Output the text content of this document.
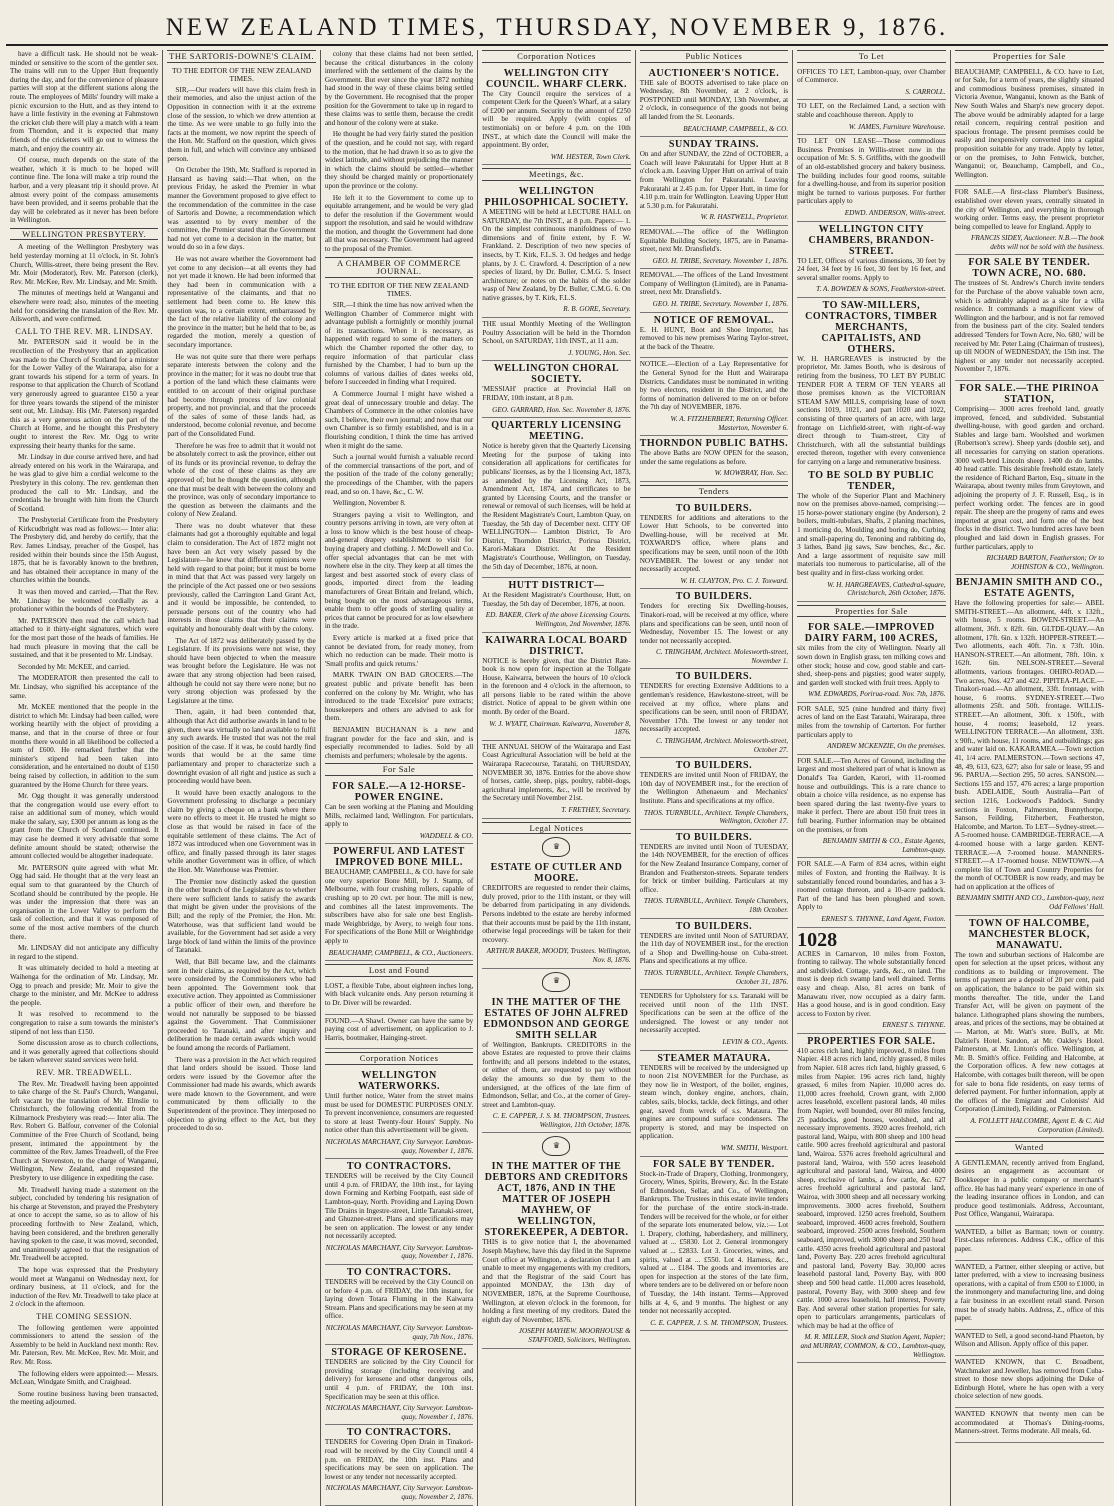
NEW ZEALAND TIMES, THURSDAY, NOVEMBER 9, 1876.

have a difficult task. He should not be weak-minded or sensitive to the scorn of the gentler sex. The trains will run to the Upper Hutt frequently during the day, and for the convenience of pleasure parties will stop at the different stations along the route. The employees of Mills' foundry will make a picnic excursion to the Hutt, and as they intend to have a little festivity in the evening at Fahmstown the cricket club there will play a match with a team from Thorndon, and it is expected that many friends of the cricketers will go out to witness the match, and enjoy the country air.

Of course, much depends on the state of the weather, which it is much to be hoped will continue fine. The Iona will make a trip round the harbor, and a very pleasant trip it should prove. At almost every point of the compass amusements have been provided, and it seems probable that the day will be celebrated as it never has been before in Wellington.

WELLINGTON PRESBYTERY.

A meeting of the Wellington Presbytery was held yesterday morning at 11 o'clock, in St. John's Church, Willis-street, there being present the Rev. Mr. Moir (Moderator), Rev. Mr. Paterson (clerk), Rev. Mr. McKee, Rev. Mr. Lindsay, and Mr. Smith.

The minutes of meetings held at Wanganui and elsewhere were read; also, minutes of the meeting held for considering the translation of the Rev. Mr. Ailsworth, and were confirmed.

CALL TO THE REV. MR. LINDSAY.

Mr. PATERSON said it would be in the recollection of the Presbytery that an application was made to the Church of Scotland for a minister for the Lower Valley of the Wairarapa, also for a grant towards his stipend for a term of years. In response to that application the Church of Scotland very generously agreed to guarantee £150 a year for three years towards the stipend of the minister sent out, Mr. Lindsay. His (Mr. Paterson) regarded this as a very generous action on the part of the Church at Home, and he thought this Presbytery ought to interest the Rev. Mr. Ogg to write expressing their hearty thanks for the same.

Mr. Lindsay in due course arrived here, and had already entered on his work in the Wairarapa, and he was glad to give him a cordial welcome to the Presbytery in this colony. The rev. gentleman then produced the call to Mr. Lindsay, and the credentials he brought with him from the Church of Scotland.

The Presbyterial Certificate from the Presbytery of Kirkcudbright was read as follows:— Inter alia: The Presbytery did, and hereby do certify, that the Rev. James Lindsay, preacher of the Gospel, has resided within their bounds since the 15th August, 1875, that he is favorably known to the brethren, and has obtained their acceptance in many of the churches within the bounds.

It was then moved and carried,—That the Rev. Mr. Lindsay be welcomed cordially as a probationer within the bounds of the Presbytery.

Mr. PATERSON then read the call which had attached to it thirty-eight signatures, which were for the most part those of the heads of families. He had much pleasure in moving that the call be sustained, and that it be presented to Mr. Lindsay.

Seconded by Mr. McKEE, and carried.

The MODERATOR then presented the call to Mr. Lindsay, who signified his acceptance of the same.

Mr. McKEE mentioned that the people in the district to which Mr. Lindsay had been called, were working heartily with the object of providing a manse, and that in the course of three or four months there would in all likelihood be collected a sum of £600. He remarked further that the minister's stipend had been taken into consideration, and he entertained no doubt of £150 being raised by collection, in addition to the sum guaranteed by the Home Church for three years.

Mr. Ogg thought it was generally understood that the congregation would use every effort to raise an additional sum of money, which would make the salary, say, £300 per annum as long as the grant from the Church of Scotland continued. It may case he deemed it very advisable that some definite amount should be stated; otherwise the amount collected would be altogether inadequate.

Mr. PATERSON quite agreed with what Mr. Ogg had said. He thought that at the very least an equal sum to that guaranteed by the Church of Scotland should be contributed by the people. He was under the impression that there was an organisation in the Lower Valley to perform the task of collection, and that it was composed of some of the most active members of the church there.

Mr. LINDSAY did not anticipate any difficulty in regard to the stipend.

It was ultimately decided to hold a meeting at Waihenga for the ordination of Mr. Lindsay, Mr. Ogg to preach and preside; Mr. Moir to give the charge to the minister, and Mr. McKee to address the people.

It was resolved to recommend to the congregation to raise a sum towards the minister's stipend of not less than £150.

Some discussion arose as to church collections, and it was generally agreed that collections should be taken wherever stated services were held.

REV. MR. TREADWELL.

The Rev. Mr. Treadwell having been appointed to take charge of the St. Paul's Church, Wanganui, left vacant by the translation of Mr. Elmslie to Christchurch, the following credential from the Kilmarnock Presbytery was read:— Inter alia. The Rev. Robert G. Balfour, convener of the Colonial Committee of the Free Church of Scotland, being present, intimated the appointment by the committee of the Rev. James Treadwell, of the Free Church at Stevenston, to the charge of Wanganui, Wellington, New Zealand, and requested the Presbytery to use diligence in expediting the case.

Mr. Treadwell having made a statement on the subject, concluded by tendering his resignation of his charge at Stevenston, and prayed the Presbytery at once to accept the same, so as to allow of his proceeding forthwith to New Zealand, which, having been considered, and the brethren generally having spoken to the case, it was moved, seconded, and unanimously agreed to that the resignation of Mr. Treadwell be accepted.

The hope was expressed that the Presbytery would meet at Wanganui on Wednesday next, for ordinary business, at 11 o'clock, and for the induction of the Rev. Mr. Treadwell to take place at 2 o'clock in the afternoon.

THE COMING SESSION.

The following gentlemen were appointed commissioners to attend the session of the Assembly to be held in Auckland next month: Rev. Mr. Paterson, Rev. Mr. McKee, Rev. Mr. Moir, and Rev. Mr. Ross.

The following elders were appointed:— Messrs. McLean, Windgate Smith, and Craighead.

Some routine business having been transacted, the meeting adjourned.

THE SARTORIS-DOWNE'S CLAIM.
TO THE EDITOR OF THE NEW ZEALAND TIMES.

SIR,—Our readers will have this claim fresh in their memories, and also the unjust action of the Opposition in connection with it at the extreme close of the session, to which we drew attention at the time. As we were unable to go fully into the facts at the moment, we now reprint the speech of the Hon. Mr. Stafford on the question, which gives them in full, and which will convince any unbiased person.

On October the 19th, Mr. Stafford is reported in Hansard as having said:—That when, on the previous Friday, he asked the Premier in what manner the Government proposed to give effect to the recommendation of the committee in the case of Sartoris and Downe, a recommendation which was assented to by every member of the committee, the Premier stated that the Government had not yet come to a decision in the matter, but would do so in a few days.

He was not aware whether the Government had yet come to any decision—at all events they had not yet made it known. He had been informed that they had been in communication with a representative of the claimants, and that no settlement had been come to. He knew this question was, to a certain extent, embarrassed by the fact of the relative liability of the colony and the province in the matter; but he held that to be, as regarded the motion, merely a question of secondary importance.

He was not quite sure that there were perhaps separate interests between the colony and the province in the matter; for it was no doubt true that a portion of the land which these claimants were entitled to on account of their original purchase had become through process of law colonial property, and not provincial, and that the proceeds of the sales of some of these lands had, as understood, become colonial revenue, and become part of the Consolidated Fund.

Therefore he was free to admit that it would not be absolutely correct to ask the province, either out of its funds or its provincial revenue, to defray the whole of the cost of these claims as they are approved of; but he thought the question, although one that must be dealt with between the colony and the province, was only of secondary importance to the question as between the claimants and the colony of New Zealand.

There was no doubt whatever that these claimants had got a thoroughly equitable and legal claim to consideration. The Act of 1872 might not have been an Act very wisely passed by the Legislature—he knew that different opinions were held with regard to that point; but it must be borne in mind that that Act was passed very largely on the principle of the Act passed one or two sessions previously, called the Carrington Land Grant Act, and it would be impossible, he contended, to persuade persons out of the country who had interests in those claims that their claims were equitably and honourably dealt with by the colony.

The Act of 1872 was deliberately passed by the Legislature. If its provisions were not wise, they should have been objected to when the measure was brought before the Legislature. He was not aware that any strong objection had been raised, although he could not say there were none; but no very strong objection was professed by the Legislature at the time.

Then, again, it had been contended that, although that Act did authorise awards in land to be given, there was virtually no land available to fulfil any such awards. He trusted that was not the real position of the case. If it was, he could hardly find words that would be at the same time parliamentary and proper to characterize such a downright evasion of all right and justice as such a proceeding would have been.

It would have been exactly analogous to the Government professing to discharge a pecuniary claim by giving a cheque on a bank where there were no effects to meet it. He trusted he might so close as that would be raised in face of the equitable settlement of these claims. The Act of 1872 was introduced when one Government was in office, and finally passed through its later stages while another Government was in office, of which the Hon. Mr. Waterhouse was Premier.

The Premier now distinctly asked the question in the other branch of the Legislature as to whether there were sufficient lands to satisfy the awards that might be given under the provisions of the Bill; and the reply of the Premier, the Hon. Mr. Waterhouse, was that sufficient land would be available, for the Government had set aside a very large block of land within the limits of the province of Taranaki.

Well, that Bill became law, and the claimants sent in their claims, as required by the Act, which were considered by the Commissioners who had been appointed. The Government took that executive action. They appointed as Commissioner a public officer of their own, and therefore he would not naturally be supposed to be biassed against the Government. That Commissioner proceeded to Taranaki, and after inquiry and deliberation he made certain awards which would be found among the records of Parliament.

There was a provision in the Act which required that land orders should be issued. Those land orders were issued by the Governor after the Commissioner had made his awards, which awards were made known to the Government, and were communicated by them officially to the Superintendent of the province. They interposed no objection to giving effect to the Act, but they proceeded to do so.

colony that these claims had not been settled, because the critical disturbances in the colony interfered with the settlement of the claims by the Government. But ever since the year 1872 nothing had stood in the way of these claims being settled by the Government. He recognised that the proper position for the Government to take up in regard to these claims was to settle them, because the credit and honour of the colony were at stake.

He thought he had very fairly stated the position of the question, and he could not say, with regard to the motion, that he had drawn it so as to give the widest latitude, and without prejudicing the manner in which the claims should be settled—whether they should be charged mainly or proportionately upon the province or the colony.

He left it to the Government to come up to equitable arrangement, and he would be very glad to defer the resolution if the Government would support the resolution, and said he would withdraw the motion, and thought the Government had done all that was necessary. The Government had agreed to the proposal of the Premier.

A CHAMBER OF COMMERCE JOURNAL.
TO THE EDITOR OF THE NEW ZEALAND TIMES.

SIR,—I think the time has now arrived when the Wellington Chamber of Commerce might with advantage publish a fortnightly or monthly journal of its transactions. When it is necessary, as happened with regard to some of the matters on which the Chamber reported the other day, to require information of that particular class furnished by the Chamber, I had to burn up the columns of various dailies of dates weeks old, before I succeeded in finding what I required.

A Commerce Journal I might have wished a great deal of unnecessary trouble and delay. The Chambers of Commerce in the other colonies have such, I believe, their own journal; and now that our own Chamber is so firmly established, and is in a flourishing condition, I think the time has arrived when it might do the same.

Such a journal would furnish a valuable record of the commercial transactions of the port, and of the position of the trade of the colony generally; the proceedings of the Chamber, with the papers read, and so on. I have, &c., C. W.

Wellington, November 8.

Strangers paying a visit to Wellington, and country persons arriving in town, are very often at a loss to know which is the best house of cheap-and-general drapery establishment to visit for buying drapery and clothing. J. McDowell and Co. offer special advantages that can be met with nowhere else in the city. They keep at all times the largest and best assorted stock of every class of goods, imported direct from the leading manufacturers of Great Britain and Ireland, which, being bought on the most advantageous terms, enable them to offer goods of sterling quality at prices that cannot be procured for as low elsewhere in the trade.

Every article is marked at a fixed price that cannot be deviated from, for ready money, from which no reduction can be made. Their motto is 'Small profits and quick returns.'

MARK TWAIN ON BAD GROCERS.—The greatest public and private benefit has been conferred on the colony by Mr. Wright, who has introduced to the trade 'Excelsior' pure extracts; housekeepers and others are advised to ask for them.

BENJAMIN BUCHANAN is a new and fragrant powder for the face and skin, and is especially recommended to ladies. Sold by all chemists and perfumers; wholesale by the agents.

For Sale
FOR SALE.—A 12-HORSE-POWER ENGINE.

Can be seen working at the Planing and Moulding Mills, reclaimed land, Wellington. For particulars, apply to

WADDELL & CO.
POWERFUL AND LATEST IMPROVED BONE MILL.

BEAUCHAMP, CAMPBELL, & CO. have for sale one very superior Bone Mill, by J. Stamp, of Melbourne, with four crushing rollers, capable of crushing up to 20 cwt. per hour. The mill is new, and combines all the latest improvements. The subscribers have also for sale one best English-made Weighbridge, by Avery, to weigh four tons. For specifications of the Bone Mill or Weighbridge apply to

BEAUCHAMP, CAMPBELL, & CO., Auctioneers.
Lost and Found

LOST, a flexible Tube, about eighteen inches long, with black vulcanite ends. Any person returning it to Dr. Diver will be rewarded.

FOUND.—A Shawl. Owner can have the same by paying cost of advertisement, on application to J. Harris, bootmaker, Hainging-street.

Corporation Notices
WELLINGTON WATERWORKS.

Until further notice, Water from the street mains must be used for DOMESTIC PURPOSES ONLY. To prevent inconvenience, consumers are requested to store at least Twenty-four Hours' Supply. No notice other than this advertisement will be given.

NICHOLAS MARCHANT, City Surveyor. Lambton-quay, November 1, 1876.
TO CONTRACTORS.

TENDERS will be received by the City Council until 4 p.m. of FRIDAY, the 10th inst., for laying down Forming and Kerbing Footpath, east side of Lambton-quay, North. Providing and Laying Down Tile Drains in Ingestre-street, Little Taranaki-street, and Ghuznee-street. Plans and specifications may be seen on application. The lowest or any tender not necessarily accepted.

NICHOLAS MARCHANT, City Surveyor. Lambton-quay, November 1, 1876.
TO CONTRACTORS.

TENDERS will be received by the City Council on or before 4 p.m. of FRIDAY, the 10th instant, for laying down Totara Fluming in the Kaiwarra Stream. Plans and specifications may be seen at my office.

NICHOLAS MARCHANT, City Surveyor. Lambton-quay, 7th Nov., 1876.
STORAGE OF KEROSENE.

TENDERS are solicited by the City Council for providing storage (including receiving and delivery) for kerosene and other dangerous oils, until 4 p.m. of FRIDAY, the 10th inst. Specification may be seen at this office.

NICHOLAS MARCHANT, City Surveyor. Lambton-quay, November 1, 1876.
TO CONTRACTORS.

TENDERS for Covering Open Drain in Tinakori-road will be received by the City Council until 4 p.m. on FRIDAY, the 10th inst. Plans and specifications may be seen on application. The lowest or any tender not necessarily accepted.

NICHOLAS MARCHANT, City Surveyor. Lambton-quay, November 2, 1876.
Corporation Notices
WELLINGTON CITY COUNCIL. WHARF CLERK.

The City Council require the services of a competent Clerk for the Queen's Wharf, at a salary of £200 per annum. Security to the amount of £250 will be required. Apply (with copies of testimonials) on or before 4 p.m. on the 10th INST., at which date the Council will make the appointment. By order,

WM. HESTER, Town Clerk.
Meetings, &c.
WELLINGTON PHILOSOPHICAL SOCIETY.

A MEETING will be held at LECTURE HALL on SATURDAY, the 7th INST., at 8 p.m. Papers:— 1. On the simplest continuous manifoldness of two dimensions and of finite extent, by F. W. Frankland. 2. Description of two new species of insects, by T. Kirk, F.L.S. 3. Od hedges and hedge plants, by J. C. Crawford. 4. Description of a new species of lizard, by Dr. Buller, C.M.G. 5. Insect architecture; or notes on the habits of the solder wasp of New Zealand, by Dr. Buller, C.M.G. 6. On native grasses, by T. Kirk, F.L.S.

R. B. GORE, Secretary.

THE usual Monthly Meeting of the Wellington Poultry Association will be held in the Thorndon School, on SATURDAY, 11th INST., at 11 a.m.

J. YOUNG, Hon. Sec.
WELLINGTON CHORAL SOCIETY.

'MESSIAH' practice at Provincial Hall on FRIDAY, 10th instant, at 8 p.m.

GEO. GARRARD, Hon. Sec. November 8, 1876.
QUARTERLY LICENSING MEETING.

Notice is hereby given that the Quarterly Licensing Meeting for the purpose of taking into consideration all applications for certificates for publicans' licenses, as by the 1 licensing Act, 1873, as amended by the Licensing Act, 1873, Amendment Act, 1874, and certificates to be granted by Licensing Courts, and the transfer or renewal or removal of such licenses, will be held at the Resident Magistrate's Court, Lambton Quay, on Tuesday, the 5th day of December next. CITY OF WELLINGTON— Lambton District, Te Aro District, Thorndon District, Porirua District, Karori-Makara District. At the Resident Magistrate's Courthouse, Wellington, on Tuesday, the 5th day of December, 1876, at noon.

HUTT DISTRICT—

At the Resident Magistrate's Courthouse, Hutt, on Tuesday, the 5th day of December, 1876, at noon.

ED. BAKER, Clerk of the above Licensing Courts. Wellington, 2nd November, 1876.
KAIWARRA LOCAL BOARD DISTRICT.

NOTICE is hereby given, that the District Rate-book is now open for inspection at the Tollgate House, Kaiwarra, between the hours of 10 o'clock in the forenoon and 4 o'clock in the afternoon, to all persons liable to be rated within the above district. Notice of appeal to be given within one month. By order of the Board.

W. J. WYATT, Chairman. Kaiwarra, November 8, 1876.

THE ANNUAL SHOW of the Wairarapa and East Coast Agricultural Association will be held at the Wairarapa Racecourse, Taratahi, on THURSDAY, NOVEMBER 30, 1876. Entries for the above show of horses, cattle, sheep, pigs, poultry, rabbit-dogs, agricultural implements, &c., will be received by the Secretary until November 21st.

T. FRETHEY, Secretary.
Legal Notices
♛
ESTATE OF CUTLER AND MOORE.

CREDITORS are requested to render their claims, duly proved, prior to the 11th instant, or they will be debarred from participating in any dividends. Persons indebted to the estate are hereby informed that their accounts must be paid by the 11th instant, otherwise legal proceedings will be taken for their recovery.

ARTHUR BAKER, MOODY, Trustees. Wellington, Nov. 8, 1876.
♛
IN THE MATTER OF THE ESTATES OF JOHN ALFRED EDMONDSON AND GEORGE SMITH SELLAR

of Wellington, Bankrupts. CREDITORS in the above Estates are requested to prove their claims forthwith; and all persons indebted to the estates, or either of them, are requested to pay without delay the amounts so due by them to the undersigned, at the offices of the late firm of Edmondson, Sellar, and Co., at the corner of Grey-street and Lambton-quay.

C. E. CAPPER, J. S. M. THOMPSON, Trustees. Wellington, 11th October, 1876.
♛
IN THE MATTER OF THE DEBTORS AND CREDITORS ACT, 1876, AND IN THE MATTER OF JOSEPH MAYHEW, OF WELLINGTON, STOREKEEPER, A DEBTOR.

THIS is to give notice that I, the abovenamed Joseph Mayhew, have this day filed in the Supreme Court office at Wellington, a declaration that I am unable to meet my engagements with my creditors, and that the Registrar of the said Court has appointed MONDAY, the 13th day of NOVEMBER, 1876, at the Supreme Courthouse, Wellington, at eleven o'clock in the forenoon, for holding a first meeting of my creditors. Dated the eighth day of November, 1876.

JOSEPH MAYHEW. MOORHOUSE & STAFFORD, Solicitors, Wellington.
Public Notices
AUCTIONEER'S NOTICE.

THE sale of BOOTS advertised to take place on Wednesday, 8th November, at 2 o'clock, is POSTPONED until MONDAY, 13th November, at 2 o'clock, in consequence of the goods not being all landed from the St. Leonards.

BEAUCHAMP, CAMPBELL, & CO.
SUNDAY TRAINS.

On and after SUNDAY, the 22nd of OCTOBER, a Coach will leave Pakuratahi for Upper Hutt at 8 o'clock a.m. Leaving Upper Hutt on arrival of train from Wellington for Pakuratahi. Leaving Pakuratahi at 2.45 p.m. for Upper Hutt, in time for 4.10 p.m. train for Wellington. Leaving Upper Hutt at 5.30 p.m. for Pakuratahi.

W. R. HASTWELL, Proprietor.

REMOVAL.—The office of the Wellington Equitable Building Society, 1875, are in Panama-street, next Mr. Dransfield's.

GEO. H. TRIBE, Secretary. November 1, 1876.

REMOVAL.—The offices of the Land Investment Company of Wellington (Limited), are in Panama-street, next Mr. Dransfield's.

GEO. H. TRIBE, Secretary. November 1, 1876.
NOTICE OF REMOVAL.

E. H. HUNT, Boot and Shoe Importer, has removed to his new premises Waring Taylor-street, at the back of the Theatre.

NOTICE.—Election of a Lay Representative for the General Synod for the Hutt and Wairarapa Districts. Candidates must be nominated in writing by two electors, resident in the District, and the forms of nomination delivered to me on or before the 7th day of NOVEMBER, 1876.

W. A. FITZHERBERT, Returning Officer. Masterton, November 6.
THORNDON PUBLIC BATHS.

The above Baths are NOW OPEN for the season, under the same regulations as before.

W. MOWBRAY, Hon. Sec.
Tenders
TO BUILDERS.

TENDERS for additions and alterations to the Lower Hutt Schools, to be converted into Dwelling-house, will be received at Mr. TOXWARD'S office, where plans and specifications may be seen, until noon of the 10th NOVEMBER. The lowest or any tender not necessarily accepted.

W. H. CLAYTON, Pro. C. J. Toxward.
TO BUILDERS.

Tenders for erecting Six Dwelling-houses, Tinakori-road, will be received at my office, where plans and specifications can be seen, until noon of Wednesday, November 15. The lowest or any tender not necessarily accepted.

C. TRINGHAM, Architect. Molesworth-street, November 1.
TO BUILDERS.

TENDERS for erecting Extensive Additions to a gentleman's residence, Hawkestone-street, will be received at my office, where plans and specifications can be seen, until noon of FRIDAY, November 17th. The lowest or any tender not necessarily accepted.

C. TRINGHAM, Architect. Molesworth-street, October 27.
TO BUILDERS.

TENDERS are invited until Noon of FRIDAY, the 10th day of NOVEMBER inst., for the erection of the Wellington Athenaeum and Mechanics' Institute. Plans and specifications at my office.

THOS. TURNBULL, Architect. Temple Chambers, Wellington, October 17.
TO BUILDERS.

TENDERS are invited until Noon of TUESDAY, the 14th NOVEMBER, for the erection of offices for the New Zealand Insurance Company, corner of Brandon and Featherston-streets. Separate tenders for brick or timber building. Particulars at my office.

THOS. TURNBULL, Architect. Temple Chambers, 18th October.
TO BUILDERS.

TENDERS are invited until Noon of SATURDAY, the 11th day of NOVEMBER inst., for the erection of a Shop and Dwelling-house on Cuba-street. Plans and specifications at my office.

THOS. TURNBULL, Architect. Temple Chambers, October 31, 1876.

TENDERS for Upholstery for s.s. Taranaki will be received until noon of the 11th INST. Specifications can be seen at the office of the undersigned. The lowest or any tender not necessarily accepted.

LEVIN & CO., Agents.
STEAMER MATAURA.

TENDERS will be received by the undersigned up to noon 21st NOVEMBER for the Purchase, as they now lie in Westport, of the boiler, engines, steam winch, donkey engine, anchors, chain, cables, sails, blocks, tackle, deck fittings, and other gear, saved from wreck of s.s. Mataura. The engines are compound surface condensers. The property is stored, and may be inspected on application.

WM. SMITH, Westport.
FOR SALE BY TENDER.

Stock-in-Trade of Drapery, Clothing, Ironmongery, Grocery, Wines, Spirits, Brewery, &c. In the Estate of Edmondson, Sellar, and Co., of Wellington, Bankrupts. The Trustees in this estate invite tenders for the purchase of the entire stock-in-trade. Tenders will be received for the whole, or for either of the separate lots enumerated below, viz.:— Lot 1. Drapery, clothing, haberdashery, and millinery, valued at ... £5830. Lot 2. General ironmongery valued at ... £2833. Lot 3. Groceries, wines, and spirits, valued at ... £550. Lot 4. Harness, &c., valued at ... £184. The goods and inventories are open for inspection at the stores of the late firm, where tenders are to be delivered on or before noon of Tuesday, the 14th instant. Terms—Approved bills at 4, 6, and 9 months. The highest or any tender not necessarily accepted.

C. E. CAPPER, J. S. M. THOMPSON, Trustees.
To Let

OFFICES TO LET, Lambton-quay, over Chamber of Commerce.

S. CARROLL.

TO LET, on the Reclaimed Land, a section with stable and coachhouse thereon. Apply to

W. JAMES, Furniture Warehouse.

TO LET ON LEASE—Those commodious Business Premises in Willis-street now in the occupation of Mr. S. S. Griffiths, with the goodwill of an old-established grocery and bakery business. The building includes four good rooms, suitable for a dwelling-house, and from its superior position might be turned to various purposes. For further particulars apply to

EDWD. ANDERSON, Willis-street.
WELLINGTON CITY CHAMBERS, BRANDON-STREET.

TO LET, Offices of various dimensions, 30 feet by 24 feet, 34 feet by 16 feet, 30 feet by 16 feet, and several smaller rooms. Apply to

T. A. BOWDEN & SONS, Featherston-street.
TO SAW-MILLERS, CONTRACTORS, TIMBER MERCHANTS, CAPITALISTS, AND OTHERS.

W. H. HARGREAVES is instructed by the proprietor, Mr. James Booth, who is desirous of retiring from the business, TO LET BY PUBLIC TENDER FOR A TERM OF TEN YEARS all those premises known as the VICTORIAN STEAM SAW MILLS, comprising lease of town sections 1019, 1021, and part 1020 and 1022, consisting of three quarters of an acre, with large frontage on Lichfield-street, with right-of-way direct through to Tuam-street, City of Christchurch, with all the substantial buildings erected thereon, together with every convenience for carrying on a large and remunerative business.

TO BE SOLD BY PUBLIC TENDER,

The whole of the Superior Plant and Machinery now on the premises above-named, comprising:— 15 horse-power stationary engine (by Anderson), 2 boilers, multi-tubulars, Shafts, 2 planing machines, 1 morticing do, Moulding and boring do, Curbing and small-papering do, Tenoning and rabbiting do, 3 lathes, Band jig saws, Saw benches, &c., &c. And a large assortment of requisite saw mill materials too numerous to particularise, all of the best quality and in first-class working order.

W. H. HARGREAVES, Cathedral-square, Christchurch, 26th October, 1876.
Properties for Sale
FOR SALE.—IMPROVED DAIRY FARM, 100 ACRES,

six miles from the city of Wellington. Nearly all sown down in English grass, ten milking cows and other stock; house and cow, good stable and cart-shed, sheep-pens and pigsties; good water supply, and garden well stocked with fruit trees. Apply to

WM. EDWARDS, Porirua-road. Nov. 7th, 1876.

FOR SALE, 925 (nine hundred and thirty five) acres of land on the East Taratahi, Wairarapa, three miles from the township of Carterton. For further particulars apply to

ANDREW MCKENZIE, On the premises.

FOR SALE.—Ten Acres of Ground, including the largest and most sheltered part of what is known as Donald's Tea Garden, Karori, with 11-roomed house and outbuildings. This is a rare chance to obtain a choice villa residence, as no expense has been spared during the last twenty-five years to make it perfect. There are about 150 fruit trees in full bearing. Further information may be obtained on the premises, or from

BENJAMIN SMITH & CO., Estate Agents, Lambton-quay.

FOR SALE.—A Farm of 834 acres, within eight miles of Foxton, and fronting the Railway. It is substantially fenced round boundaries, and has a 3-roomed cottage thereon, and a 10-acre paddock. Part of the land has been ploughed and sown. Apply to

ERNEST S. THYNNE, Land Agent, Foxton.
1028

ACRES in Carnarvon, 10 miles from Foxton, fronting to railway. The whole substantially fenced and subdivided. Cottage, yards, &c., on land. The most is deep rich swamp land well drained. Terms easy and cheap. Also, 81 acres on bank of Manawatu river, now occupied as a dairy farm. Has a good house, and is in good condition. Easy access to Foxton by river.

ERNEST S. THYNNE.
PROPERTIES FOR SALE.

410 acres rich land, highly improved, 8 miles from Napier. 418 acres rich land, richly grassed, 8 miles from Napier. 618 acres rich land, highly grassed, 6 miles from Napier. 196 acres rich land, highly grassed, 6 miles from Napier. 10,000 acres do. 11,000 acres freehold, Crown grant, with 2,000 acres leasehold, excellent pastoral lands, 40 miles from Napier, well bounded, over 80 miles fencing, 25 paddocks, good houses, woolshed, and all necessary improvements. 3920 acres freehold, rich pastoral land, Waipu, with 800 sheep and 100 head cattle. 900 acres freehold agricultural and pastoral land, Wairoa. 5376 acres freehold agricultural and pastoral land, Wairoa, with 550 acres leasehold agricultural and pastoral land, Wairoa, and 4000 sheep, exclusive of lambs, a few cattle, &c. 627 acres freehold agricultural and pastoral land, Wairoa, with 3000 sheep and all necessary working improvements. 3000 acres freehold, Southern seaboard, improved. 1250 acres freehold, Southern seaboard, improved. 4600 acres freehold, Southern seaboard, improved. 2500 acres freehold, Southern seaboard, improved, with 3000 sheep and 250 head cattle. 4350 acres freehold agricultural and pastoral land, Poverty Bay. 220 acres freehold agricultural and pastoral land, Poverty Bay. 30,000 acres leasehold pastoral land, Poverty Bay, with 800 sheep and 500 head cattle. 11,000 acres leasehold, pastoral, Poverty Bay, with 3000 sheep and few cattle. 1000 acres leasehold, half interest, Poverty Bay. And several other station properties for sale, open to particulars arrangements, particulars of which may be had at the office of

M. R. MILLER, Stock and Station Agent, Napier; and MURRAY, COMMON, & CO., Lambton-quay, Wellington.
Properties for Sale

BEAUCHAMP, CAMPBELL, & CO. have to Let, or for Sale, for a term of years, the slightly situated and commodious business premises, situated in Victoria Avenue, Wanganui, known as the Bank of New South Wales and Sharp's new grocery depot. The above would be admirably adapted for a large retail concern, requiring central position and spacious frontage. The present premises could be easily and inexpensively converted into a capital proposition suitable for any trade. Apply by letter, or on the premises, to John Fenwick, butcher, Wanganui; or, Beauchamp, Campbell, and Co., Wellington.

FOR SALE.—A first-class Plumber's Business, established over eleven years, centrally situated in the city of Wellington, and everything in thorough working order. Terms easy, the present proprietor being compelled to leave for England. Apply to

FRANCIS SIDEY, Auctioneer. N.B.—The book debts will not be sold with the business.
FOR SALE BY TENDER. TOWN ACRE, NO. 680.

The trustees of St. Andrew's Church invite tenders for the Purchase of the above valuable town acre, which is admirably adapted as a site for a villa residence. It commands a magnificent view of Wellington and the harbour, and is not far removed from the business part of the city. Sealed tenders addressed 'Tenders for Town Acre, No. 680,' will be received by Mr. Peter Laing (Chairman of trustees), up till NOON of WEDNESDAY, the 15th inst. The highest or any tender not necessarily accepted. November 7, 1876.

FOR SALE.—THE PIRINOA STATION,

Comprising— 3000 acres freehold land, greatly improved, fenced, and subdivided. Substantial dwelling-house, with good garden and orchard. Stables and large barn. Woolshed and workmen (Robertson's screw). Sheep yards (double set), and all necessaries for carrying on station operations. 3000 well-bred Lincoln sheep. 1400 do do lambs. 40 head cattle. This desirable freehold estate, lately the residence of Richard Barton, Esq., situate in the Wairarapa, about twenty miles from Greytown, and adjoining the property of J. F. Russell, Esq., is in perfect working order. The fences are in good repair. The sheep are the progeny of rams and ewes imported at great cost, and form one of the best flocks in the district. Two hundred acres have been ploughed and laid down in English grasses. For further particulars, apply to

RICHARD BARTON, Featherston; Or to JOHNSTON & CO., Wellington.
BENJAMIN SMITH AND CO., ESTATE AGENTS,

Have the following properties for sale:— ABEL SMITH-STREET.—An allotment, 44ft. x 132ft., with house, 5 rooms. BOWEN-STREET.—An allotment, 36ft. x 82ft. 6in. GLTDE-QUAY.—An allotment, 17ft. 6in. x 132ft. HOPPER-STREET.—Two allotments, each 40ft. 7in. x 73ft. 10in. HANSON-STREET.—An allotment, 78ft. 10in. x 162ft. 6in. NELSON-STREET.—Several allotments, various frontages. OHIRO-ROAD.—Two acres, Nos. 427 and 422. PIPITEA-PLACE.—Tinakori-road.—An allotment, 33ft. frontage, with house, 6 rooms. SYDNEY-STREET.—Two allotments 25ft. and 50ft. frontage. WILLIS-STREET.—An allotment, 30ft. x 150ft., with house, 4 rooms; leasehold, 12 years. WELLINGTON TERRACE.—An allotment, 33ft. x 90ft., with house, 11 rooms, and outbuildings; gas and water laid on. KAKARAMEA.—Town section 41, 1/4 acre. PALMERSTON.—Town sections 47, 48, 49, 613, 623, 627; also for sale or lease, 95 and 96. PARUA.—Section 295, 50 acres. SANSON.—Sections 155 and 157, 476 acres; a large proportion bush. ADELAIDE, South Australia—Part of section 1216, Lockwood's Paddock. Sundry sections in Foxton, Palmerston, Bunnythorpe, Sanson, Feilding, Fitzherbert, Featherston, Halcombe, and Marton. To LET—Sydney-street.—A 5-roomed house. CAMBRIDGE-TERRACE.—A 4-roomed house with a large garden. KENT-TERRACE.—A 7-roomed house. MANNERS-STREET.—A 17-roomed house. NEWTOWN.—A complete list of Town and Country Properties for the month of OCTOBER is now ready, and may be had on application at the offices of

BENJAMIN SMITH AND CO., Lambton-quay, next Odd Fellows' Hall.
TOWN OF HALCOMBE, MANCHESTER BLOCK, MANAWATU.

The town and suburban sections of Halcombe are open for selection at the upset prices, without any conditions as to building or improvement. The terms of payment are a deposit of 20 per cent, paid on application, the balance to be paid within six months thereafter. The title, under the Land Transfer Act, will be given on payment of the balance. Lithographed plans showing the numbers, areas, and prices of the sections, may be obtained at— Marton, at Mr. Watt's store. Bull's, at Mr. Dalziel's Hotel. Sandon, at Mr. Oakley's Hotel. Palmerston, at Mr. Linton's office. Wellington, at Mr. B. Smith's office. Feilding and Halcombe, at the Corporation offices. A few new cottages at Halcombe, with cottages built thereon, will be open for sale to bona fide residents, on easy terms of deferred payment. For further information, apply at the offices of the Emigrant and Colonists' Aid Corporation (Limited), Feilding, or Palmerston.

A. FOLLETT HALCOMBE, Agent E. & C. Aid Corporation (Limited).
Wanted

A GENTLEMAN, recently arrived from England, desires an engagement as accountant or Bookkeeper in a public company or merchant's office. He has had many years' experience in one of the leading insurance offices in London, and can produce good testimonials. Address, Accountant, Post Office, Wanganui, Wairarapa.

WANTED, a billet as Barman; town or country. First-class references. Address C.K., office of this paper.

WANTED, a Partner, either sleeping or active, but latter preferred, with a view to increasing business operations, with a capital of from £500 to £1000, in the ironmongery and manufacturing line, and doing a fair business in an excellent retail stand. Person must be of steady habits. Address, Z., office of this paper.

WANTED to Sell, a good second-hand Phaeton, by Wilson and Allison. Apply office of this paper.

WANTED KNOWN, that C. Broadbent, Watchmaker and Jeweller, has removed from Cuba-street to those new shops adjoining the Duke of Edinburgh Hotel, where he has open with a very choice selection of new goods.

WANTED KNOWN that twenty men can be accommodated at Thomas's Dining-rooms, Manners-street. Terms moderate. All meals, 6d.
